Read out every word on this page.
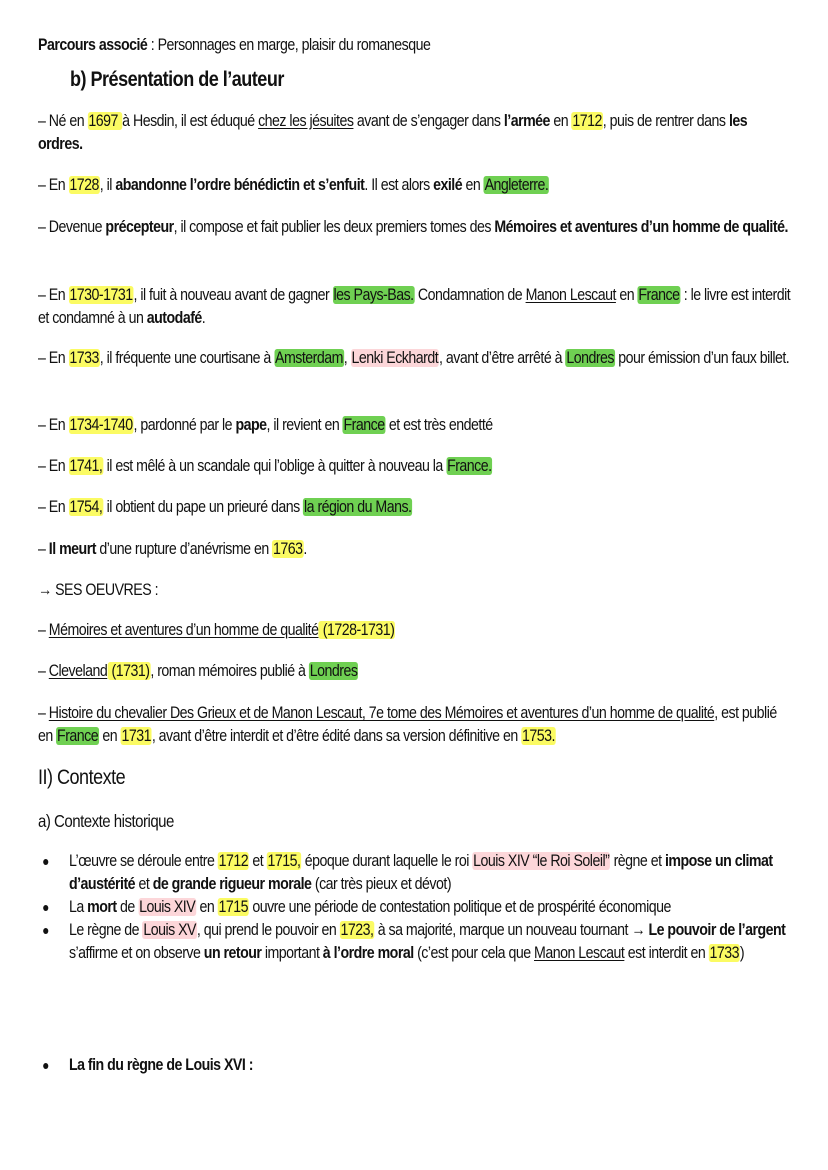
Parcours associé : Personnages en marge, plaisir du romanesque
b) Présentation de l’auteur
– Né en 1697 à Hesdin, il est éduqué chez les jésuites avant de s’engager dans l’armée en 1712, puis de rentrer dans les ordres.
– En 1728, il abandonne l’ordre bénédictin et s’enfuit. Il est alors exilé en Angleterre.
– Devenue précepteur, il compose et fait publier les deux premiers tomes des Mémoires et aventures d’un homme de qualité.
– En 1730-1731, il fuit à nouveau avant de gagner les Pays-Bas. Condamnation de Manon Lescaut en France : le livre est interdit et condamné à un autodafé.
– En 1733, il fréquente une courtisane à Amsterdam, Lenki Eckhardt, avant d’être arrêté à Londres pour émission d’un faux billet.
– En 1734-1740, pardonné par le pape, il revient en France et est très endetté
– En 1741, il est mêlé à un scandale qui l’oblige à quitter à nouveau la France.
– En 1754, il obtient du pape un prieuré dans la région du Mans.
– Il meurt d’une rupture d’anévrisme en 1763.
→ SES OEUVRES :
– Mémoires et aventures d’un homme de qualité (1728-1731)
– Cleveland (1731), roman mémoires publié à Londres
– Histoire du chevalier Des Grieux et de Manon Lescaut, 7e tome des Mémoires et aventures d’un homme de qualité, est publié en France en 1731, avant d’être interdit et d’être édité dans sa version définitive en 1753.
II) Contexte
a) Contexte historique
L’œuvre se déroule entre 1712 et 1715, époque durant laquelle le roi Louis XIV “le Roi Soleil” règne et impose un climat d’austérité et de grande rigueur morale (car très pieux et dévot)
La mort de Louis XIV en 1715 ouvre une période de contestation politique et de prospérité économique
Le règne de Louis XV, qui prend le pouvoir en 1723, à sa majorité, marque un nouveau tournant → Le pouvoir de l’argent s’affirme et on observe un retour important à l’ordre moral (c’est pour cela que Manon Lescaut est interdit en 1733)
La fin du règne de Louis XVI :
